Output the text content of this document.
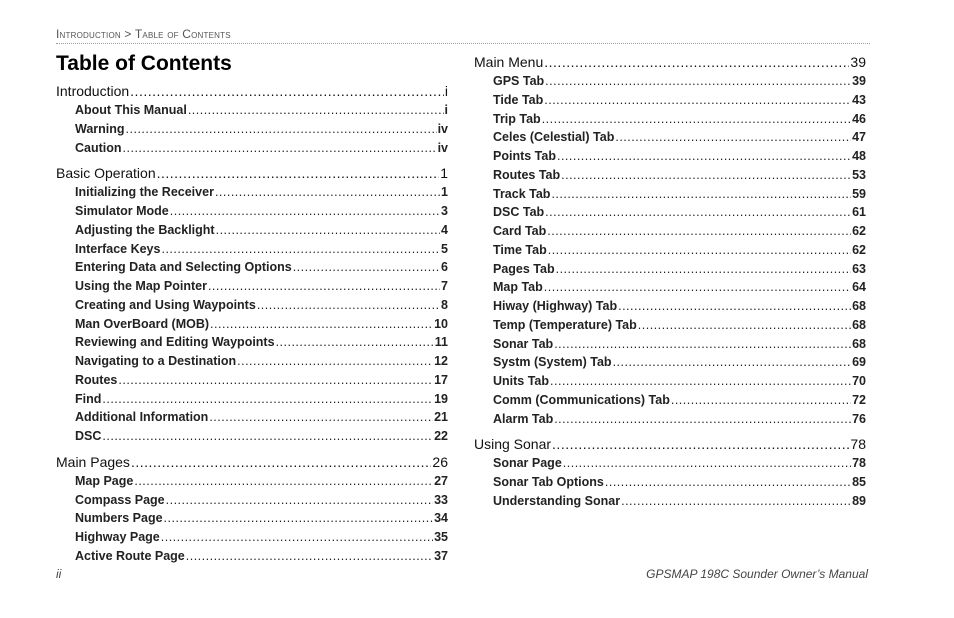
Introduction > Table of Contents
Table of Contents
Introduction .....	i
About This Manual .....	i
Warning .....	iv
Caution .....	iv
Basic Operation .....	1
Initializing the Receiver .....	1
Simulator Mode .....	3
Adjusting the Backlight .....	4
Interface Keys .....	5
Entering Data and Selecting Options .....	6
Using the Map Pointer .....	7
Creating and Using Waypoints .....	8
Man OverBoard (MOB) .....	10
Reviewing and Editing Waypoints .....	11
Navigating to a Destination .....	12
Routes .....	17
Find .....	19
Additional Information .....	21
DSC .....	22
Main Pages .....	26
Map Page .....	27
Compass Page .....	33
Numbers Page .....	34
Highway Page .....	35
Active Route Page .....	37
Main Menu .....	39
GPS Tab .....	39
Tide Tab .....	43
Trip Tab .....	46
Celes (Celestial) Tab .....	47
Points Tab .....	48
Routes Tab .....	53
Track Tab .....	59
DSC Tab .....	61
Card Tab .....	62
Time Tab .....	62
Pages Tab .....	63
Map Tab .....	64
Hiway (Highway) Tab .....	68
Temp (Temperature) Tab .....	68
Sonar Tab .....	68
Systm (System) Tab .....	69
Units Tab .....	70
Comm (Communications) Tab .....	72
Alarm Tab .....	76
Using Sonar .....	78
Sonar Page .....	78
Sonar Tab Options .....	85
Understanding Sonar .....	89
ii	GPSMAP 198C Sounder Owner’s Manual
